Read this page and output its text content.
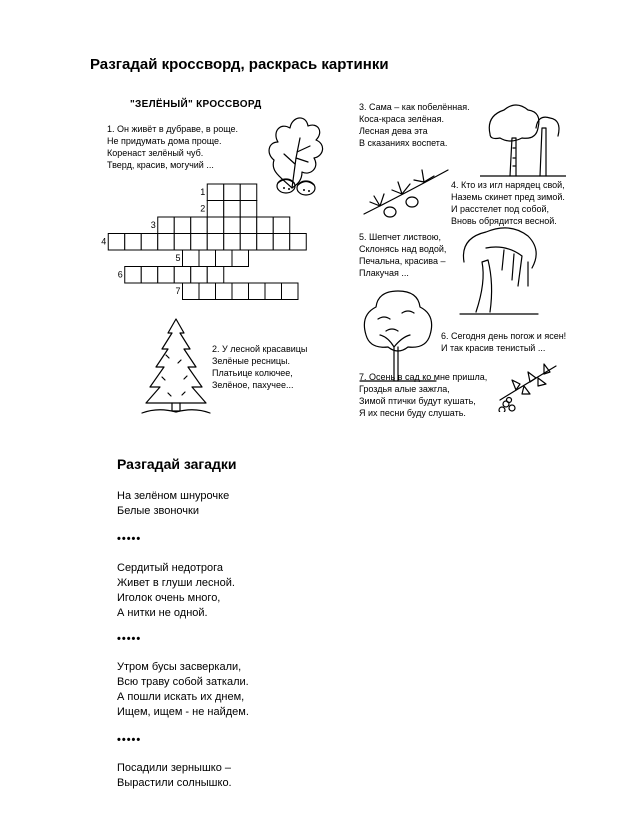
Разгадай кроссворд, раскрась картинки
"ЗЕЛЁНЫЙ" КРОССВОРД
1. Он живёт в дубраве, в роще.
Не придумать дома проще.
Коренаст зелёный чуб.
Тверд, красив, могучий ...
1
2
3
4
5
6
7
2. У лесной красавицы
Зелёные ресницы.
Платьице колючее,
Зелёное, пахучее...
3. Сама – как побелённая.
Коса-краса зелёная.
Лесная дева эта
В сказаниях воспета.
4. Кто из игл нарядец свой,
Наземь скинет пред зимой.
И расстелет под собой,
Вновь обрядится весной.
5. Шепчет листвою,
Склонясь над водой,
Печальна, красива –
Плакучая ...
6. Сегодня день погож и ясен!
И так красив тенистый ...
7. Осень в сад ко мне пришла,
Гроздья алые зажгла,
Зимой птички будут кушать,
Я их песни буду слушать.
Разгадай загадки
На зелёном шнурочке
Белые звоночки
•••••
Сердитый недотрога
Живет в глуши лесной.
Иголок очень много,
А нитки не одной.
•••••
Утром бусы засверкали,
Всю траву собой заткали.
А пошли искать их днем,
Ищем, ищем - не найдем.
•••••
Посадили зернышко –
Вырастили солнышко.
